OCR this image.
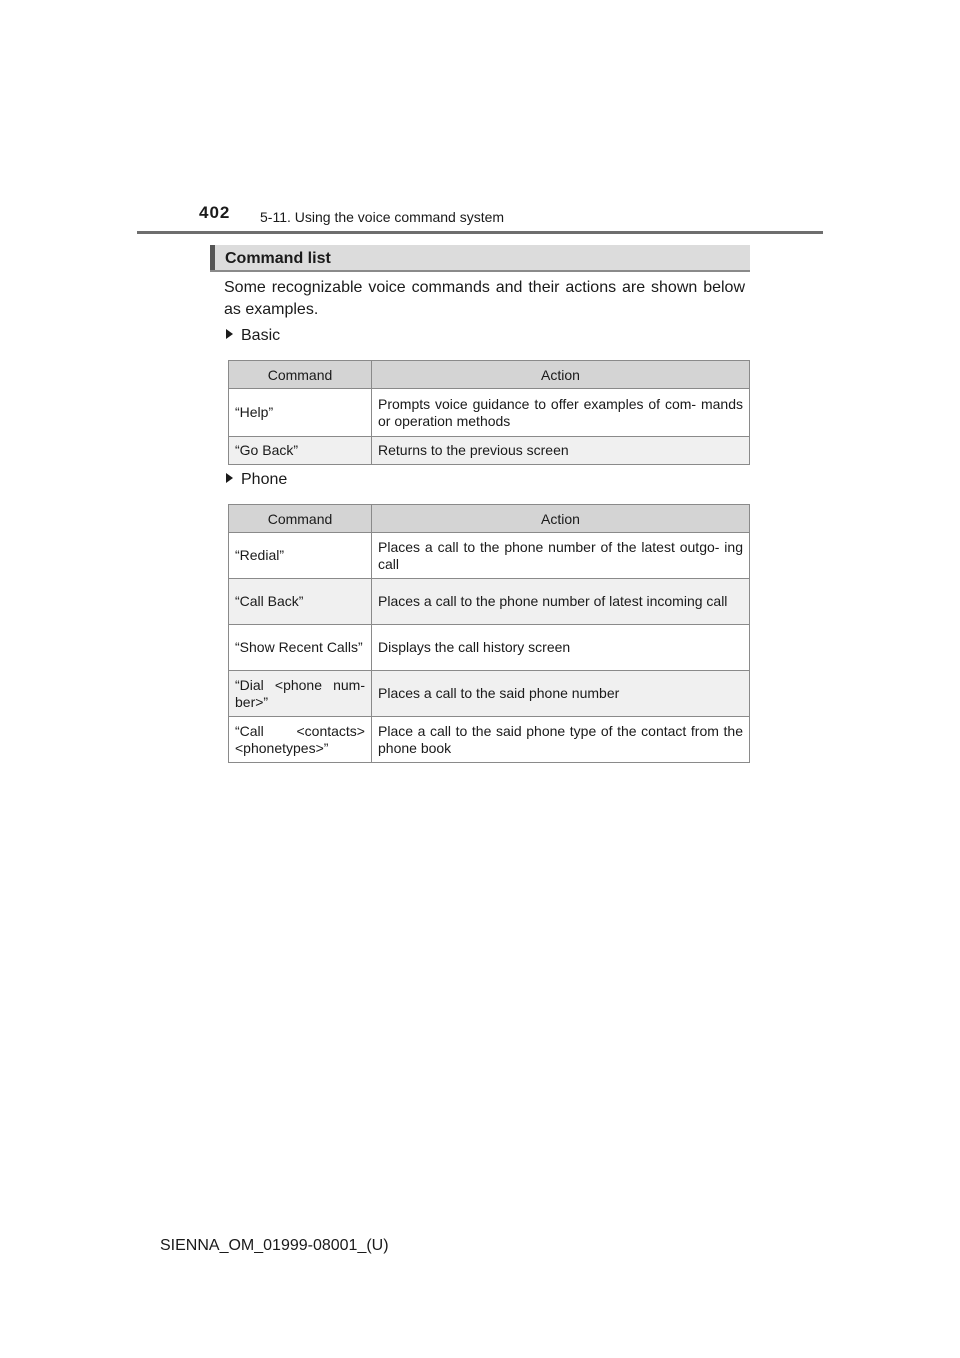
402 5-11. Using the voice command system
Command list
Some recognizable voice commands and their actions are shown below as examples.
Basic
Command	Action
“Help”	Prompts voice guidance to offer examples of com- mands or operation methods
“Go Back”	Returns to the previous screen
Phone
Command	Action
“Redial”	Places a call to the phone number of the latest outgo- ing call
“Call Back”	Places a call to the phone number of latest incoming call
“Show Recent Calls”	Displays the call history screen
“Dial <phone num- ber>”	Places a call to the said phone number
“Call <contacts> <phonetypes>”	Place a call to the said phone type of the contact from the phone book
SIENNA_OM_01999-08001_(U)
